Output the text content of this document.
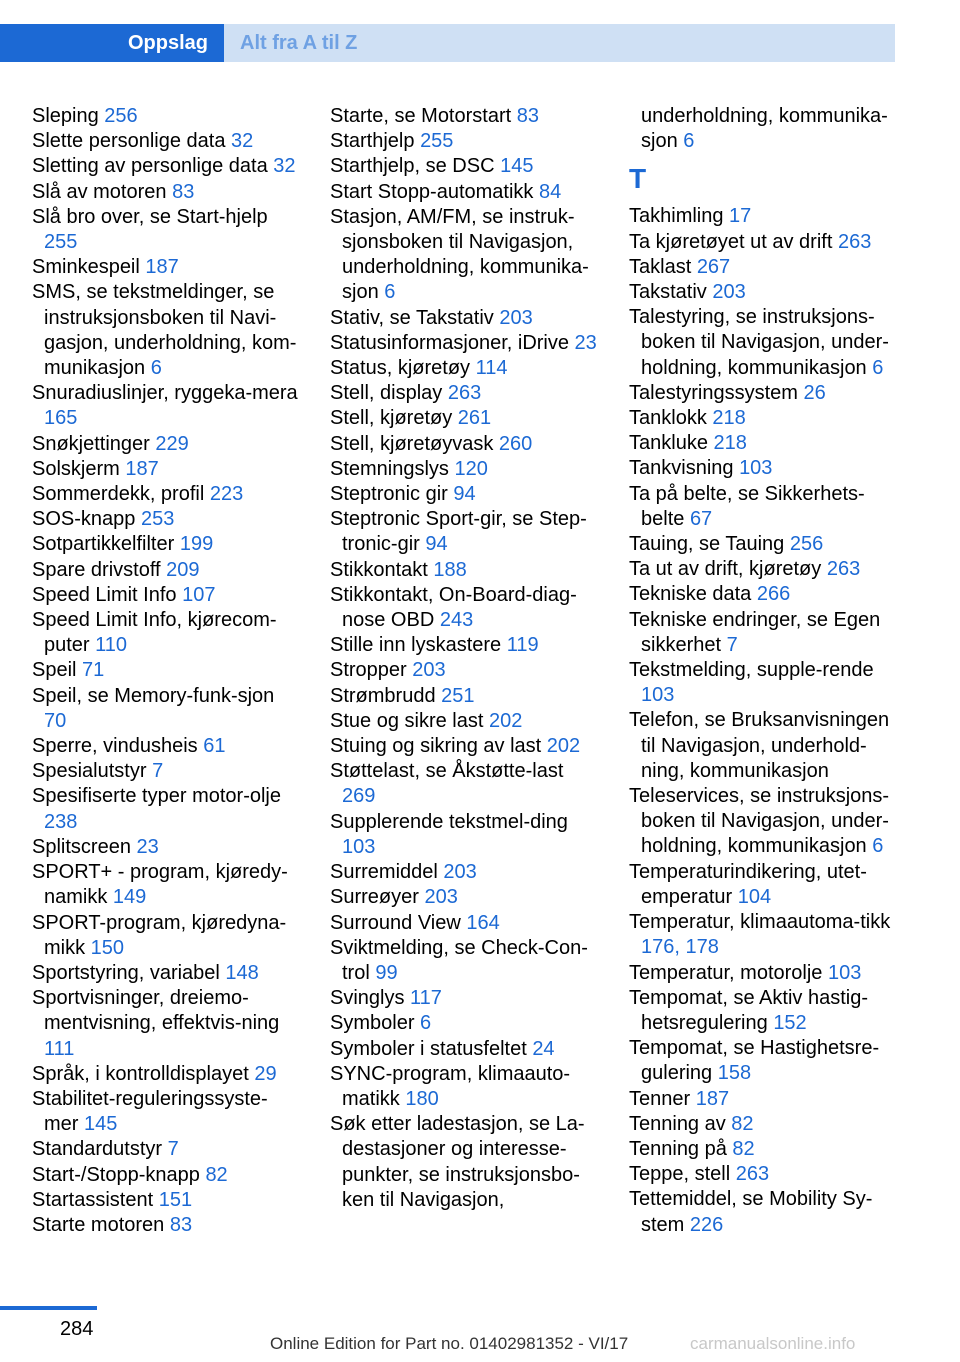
Oppslag	Alt fra A til Z
Sleping 256
Slette personlige data 32
Sletting av personlige data 32
Slå av motoren 83
Slå bro over, se Start-hjelp 255
Sminkespeil 187
SMS, se tekstmeldinger, se instruksjonsboken til Navi-gasjon, underholdning, kom-munikasjon 6
Snuradiuslinjer, ryggeka-mera 165
Snøkjettinger 229
Solskjerm 187
Sommerdekk, profil 223
SOS-knapp 253
Sotpartikkelfilter 199
Spare drivstoff 209
Speed Limit Info 107
Speed Limit Info, kjørecom-puter 110
Speil 71
Speil, se Memory-funk-sjon 70
Sperre, vindusheis 61
Spesialutstyr 7
Spesifiserte typer motor-olje 238
Splitscreen 23
SPORT+ - program, kjøredy-namikk 149
SPORT-program, kjøredyna-mikk 150
Sportstyring, variabel 148
Sportvisninger, dreiemo-mentvisning, effektvis-ning 111
Språk, i kontrolldisplayet 29
Stabilitet-reguleringssyste-mer 145
Standardutstyr 7
Start-/Stopp-knapp 82
Startassistent 151
Starte motoren 83
Starte, se Motorstart 83
Starthjelp 255
Starthjelp, se DSC 145
Start Stopp-automatikk 84
Stasjon, AM/FM, se instruk-sjonsboken til Navigasjon, underholdning, kommunika-sjon 6
Stativ, se Takstativ 203
Statusinformasjoner, iDrive 23
Status, kjøretøy 114
Stell, display 263
Stell, kjøretøy 261
Stell, kjøretøyvask 260
Stemningslys 120
Steptronic gir 94
Steptronic Sport-gir, se Step-tronic-gir 94
Stikkontakt 188
Stikkontakt, On-Board-diag-nose OBD 243
Stille inn lyskastere 119
Stropper 203
Strømbrudd 251
Stue og sikre last 202
Stuing og sikring av last 202
Støttelast, se Åkstøtte-last 269
Supplerende tekstmel-ding 103
Surremiddel 203
Surreøyer 203
Surround View 164
Sviktmelding, se Check-Con-trol 99
Svinglys 117
Symboler 6
Symboler i statusfeltet 24
SYNC-program, klimaauto-matikk 180
Søk etter ladestasjon, se La-destasjoner og interesse-punkter, se instruksjonsbo-ken til Navigasjon,
underholdning, kommunika-sjon 6
T
Takhimling 17
Ta kjøretøyet ut av drift 263
Taklast 267
Takstativ 203
Talestyring, se instruksjons-boken til Navigasjon, under-holdning, kommunikasjon 6
Talestyringssystem 26
Tanklokk 218
Tankluke 218
Tankvisning 103
Ta på belte, se Sikkerhets-belte 67
Tauing, se Tauing 256
Ta ut av drift, kjøretøy 263
Tekniske data 266
Tekniske endringer, se Egen sikkerhet 7
Tekstmelding, supple-rende 103
Telefon, se Bruksanvisningen til Navigasjon, underhold-ning, kommunikasjon
Teleservices, se instruksjons-boken til Navigasjon, under-holdning, kommunikasjon 6
Temperaturindikering, utet-emperatur 104
Temperatur, klimaautoma-tikk 176, 178
Temperatur, motorolje 103
Tempomat, se Aktiv hastig-hetsregulering 152
Tempomat, se Hastighetsre-gulering 158
Tenner 187
Tenning av 82
Tenning på 82
Teppe, stell 263
Tettemiddel, se Mobility Sy-stem 226
284
Online Edition for Part no. 01402981352 - VI/17	carmanualsonline.info
